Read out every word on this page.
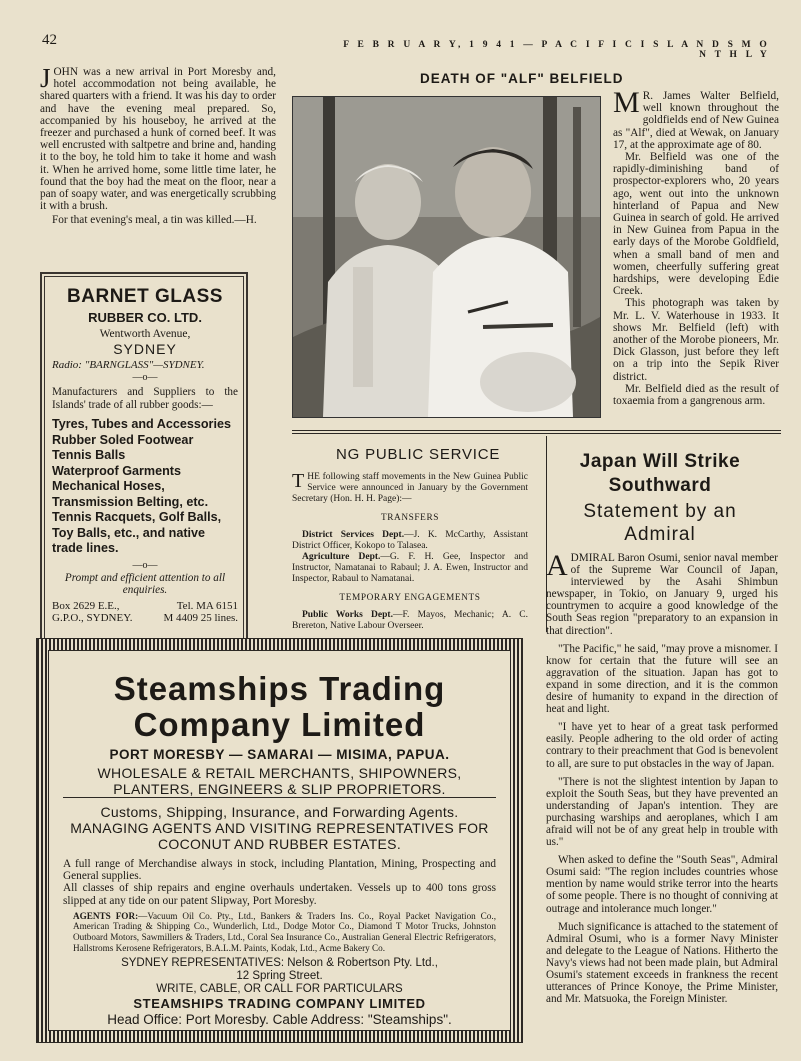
42	F E B R U A R Y, 1 9 4 1 — P A C I F I C I S L A N D S M O N T H L Y

JOHN was a new arrival in Port Moresby and, hotel accommodation not being available, he shared quarters with a friend. It was his day to order and have the evening meal prepared. So, accompanied by his houseboy, he arrived at the freezer and purchased a hunk of corned beef. It was well encrusted with saltpetre and brine and, handing it to the boy, he told him to take it home and wash it. When he arrived home, some little time later, he found that the boy had the meat on the floor, near a pan of soapy water, and was energetically scrubbing it with a brush.

For that evening's meal, a tin was killed.—H.

BARNET GLASS
RUBBER CO. LTD.
Wentworth Avenue,
SYDNEY
Radio: "BARNGLASS"—SYDNEY.
—o—
Manufacturers and Suppliers to the Islands' trade of all rubber goods:—
Tyres, Tubes and Accessories
Rubber Soled Footwear
Tennis Balls
Waterproof Garments
Mechanical Hoses, Transmission Belting, etc.
Tennis Racquets, Golf Balls, Toy Balls, etc., and native trade lines.
—o—
Prompt and efficient attention to all enquiries.
Box 2629 E.E.,	Tel. MA 6151
G.P.O., SYDNEY.	M 4409 25 lines.
DEATH OF "ALF" BELFIELD

M R. James Walter Belfield, well known throughout the goldfields end of New Guinea as "Alf", died at Wewak, on January 17, at the approximate age of 80.

Mr. Belfield was one of the rapidly-diminishing band of prospector-explorers who, 20 years ago, went out into the unknown hinterland of Papua and New Guinea in search of gold. He arrived in New Guinea from Papua in the early days of the Morobe Goldfield, when a small band of men and women, cheerfully suffering great hardships, were developing Edie Creek.

This photograph was taken by Mr. L. V. Waterhouse in 1933. It shows Mr. Belfield (left) with another of the Morobe pioneers, Mr. Dick Glasson, just before they left on a trip into the Sepik River district.

Mr. Belfield died as the result of toxaemia from a gangrenous arm.

NG PUBLIC SERVICE

THE following staff movements in the New Guinea Public Service were announced in January by the Government Secretary (Hon. H. H. Page):—

TRANSFERS

District Services Dept.—J. K. McCarthy, Assistant District Officer, Kokopo to Talasea.

Agriculture Dept.—G. F. H. Gee, Inspector and Instructor, Namatanai to Rabaul; J. A. Ewen, Instructor and Inspector, Rabaul to Namatanai.

TEMPORARY ENGAGEMENTS

Public Works Dept.—F. Mayos, Mechanic; A. C. Brereton, Native Labour Overseer.

Japan Will Strike
Southward
Statement by an
Admiral

ADMIRAL Baron Osumi, senior naval member of the Supreme War Council of Japan, interviewed by the Asahi Shimbun newspaper, in Tokio, on January 9, urged his countrymen to acquire a good knowledge of the South Seas region "preparatory to an expansion in that direction".

"The Pacific," he said, "may prove a misnomer. I know for certain that the future will see an aggravation of the situation. Japan has got to expand in some direction, and it is the common desire of humanity to expand in the direction of heat and light.

"I have yet to hear of a great task performed easily. People adhering to the old order of acting contrary to their preachment that God is benevolent to all, are sure to put obstacles in the way of Japan.

"There is not the slightest intention by Japan to exploit the South Seas, but they have prevented an understanding of Japan's intention. They are purchasing warships and aeroplanes, which I am afraid will not be of any great help in trouble with us."

When asked to define the "South Seas", Admiral Osumi said: "The region includes countries whose mention by name would strike terror into the hearts of some people. There is no thought of conniving at outrage and intolerance much longer."

Much significance is attached to the statement of Admiral Osumi, who is a former Navy Minister and delegate to the League of Nations. Hitherto the Navy's views had not been made plain, but Admiral Osumi's statement exceeds in frankness the recent utterances of Prince Konoye, the Prime Minister, and Mr. Matsuoka, the Foreign Minister.

Steamships Trading
Company Limited
PORT MORESBY — SAMARAI — MISIMA, PAPUA.
WHOLESALE & RETAIL MERCHANTS, SHIPOWNERS,
PLANTERS, ENGINEERS & SLIP PROPRIETORS.
Customs, Shipping, Insurance, and Forwarding Agents.
MANAGING AGENTS AND VISITING REPRESENTATIVES FOR COCONUT AND RUBBER ESTATES.
A full range of Merchandise always in stock, including Plantation, Mining, Prospecting and General supplies.
All classes of ship repairs and engine overhauls undertaken. Vessels up to 400 tons gross slipped at any tide on our patent Slipway, Port Moresby.
AGENTS FOR:—Vacuum Oil Co. Pty., Ltd., Bankers & Traders Ins. Co., Royal Packet Navigation Co., American Trading & Shipping Co., Wunderlich, Ltd., Dodge Motor Co., Diamond T Motor Trucks, Johnston Outboard Motors, Sawmillers & Traders, Ltd., Coral Sea Insurance Co., Australian General Electric Refrigerators, Hallstroms Kerosene Refrigerators, B.A.L.M. Paints, Kodak, Ltd., Acme Bakery Co.
SYDNEY REPRESENTATIVES: Nelson & Robertson Pty. Ltd.,
12 Spring Street.
WRITE, CABLE, OR CALL FOR PARTICULARS
STEAMSHIPS TRADING COMPANY LIMITED
Head Office: Port Moresby. Cable Address: "Steamships".
